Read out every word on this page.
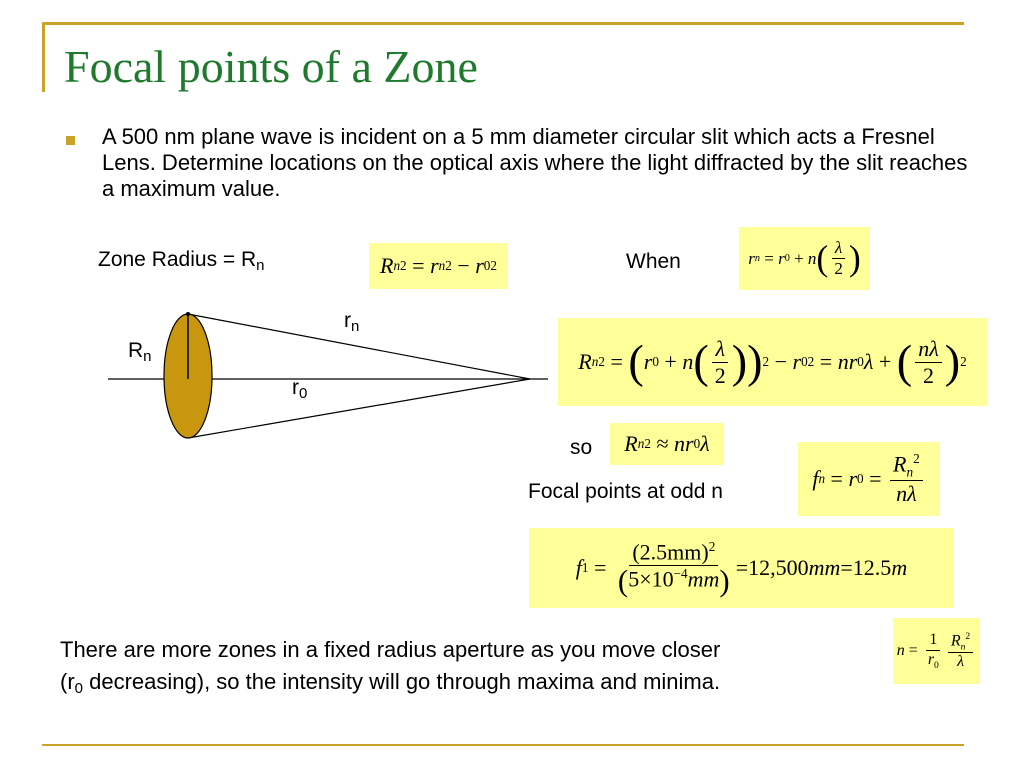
Focal points of a Zone
A 500 nm plane wave is incident on a 5 mm diameter circular slit which acts a Fresnel Lens. Determine locations on the optical axis where the light diffracted by the slit reaches a maximum value.
Zone Radius = $R_n$	R n 2 = r n 2 − r 0 2	When	r n = r 0 + n ( $\frac{\lambda}{2}$ )
$r_n$
$R_n$
$r_0$
R n 2 = ( r 0 + n ( $\frac{\lambda}{2}$ ) ) 2 − r 0 2 = nr 0 λ + ( $\frac{n\lambda}{2}$ ) 2
so	R n 2 ≈ nr 0 λ
f n = r $0 = \frac{R_n^2}{n\lambda}$
Focal points at odd n
f $1 = \frac{(2.5mm)^2}{(5\times 10^{-4}mm)} =12,500$ mm =12.5 m
$n = \frac{1}{r_0} \frac{R_n^2}{\lambda}$
There are more zones in a fixed radius aperture as you move closer
($r_0$ decreasing), so the intensity will go through maxima and minima.
